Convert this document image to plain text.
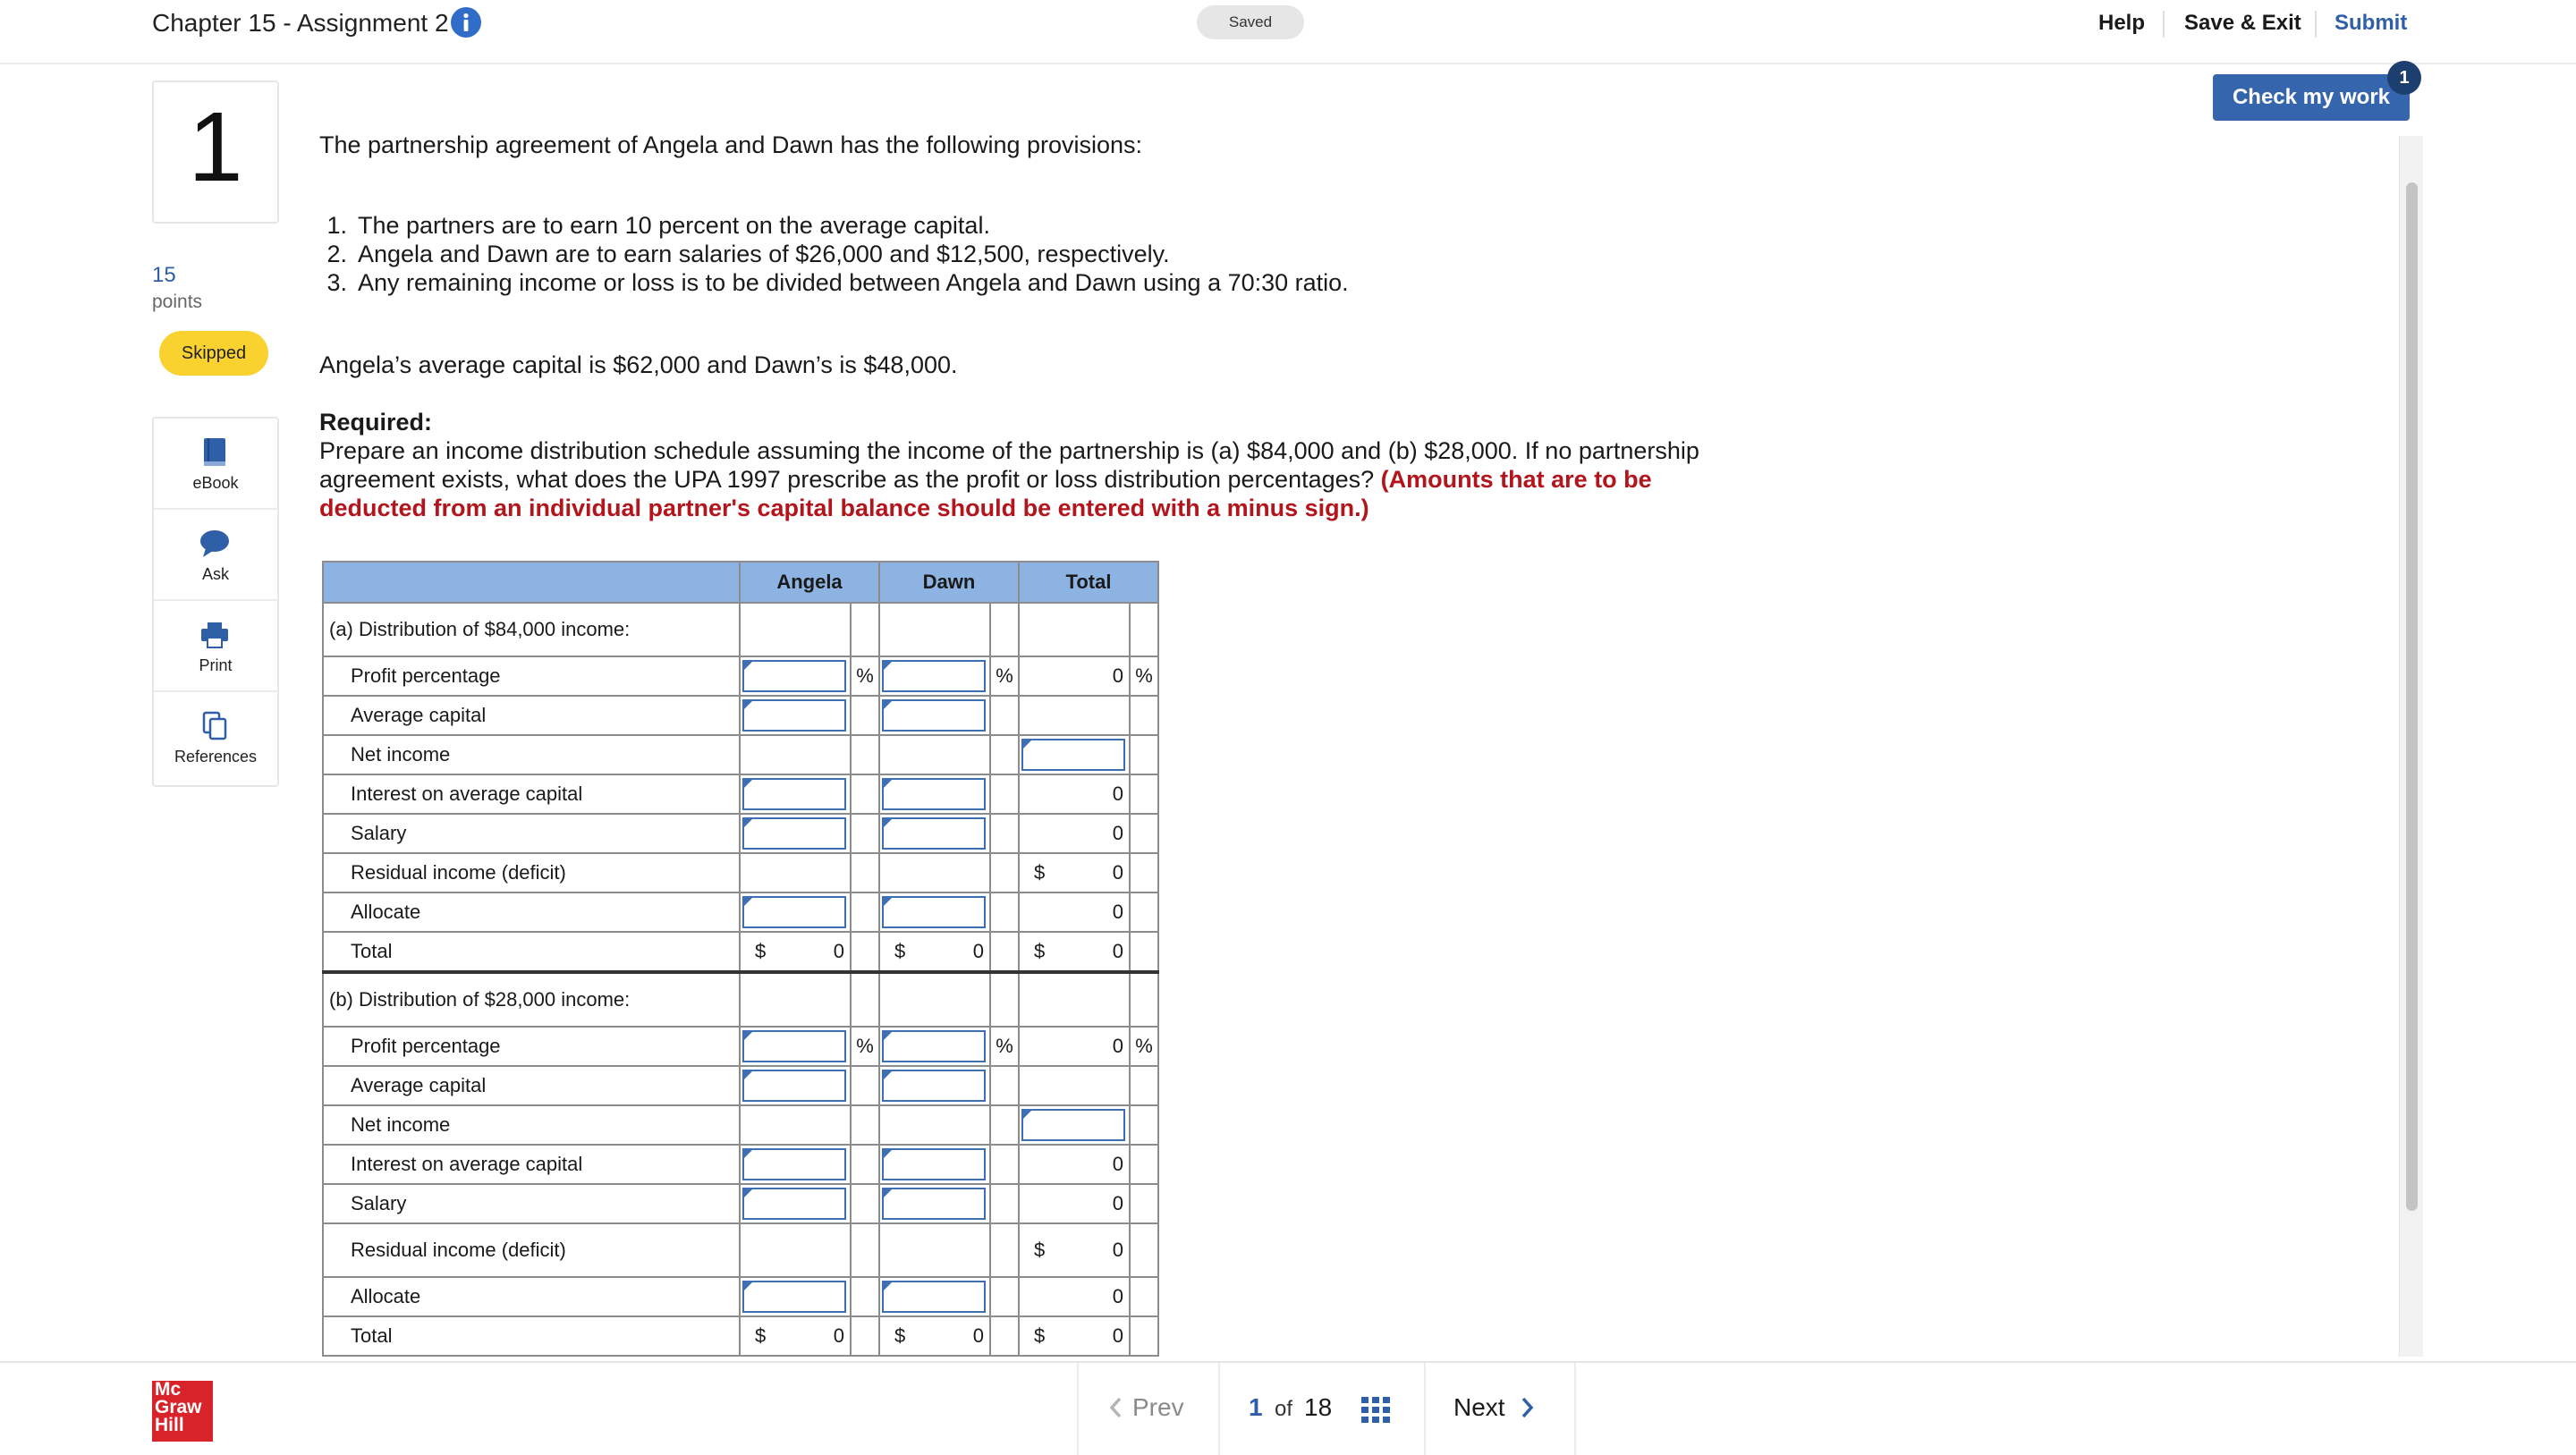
Chapter 15 - Assignment 2	Saved	Help Save & Exit Submit
1
15
points
Skipped
eBook
Ask
Print
References
Check my work
1
The partnership agreement of Angela and Dawn has the following provisions:
1. The partners are to earn 10 percent on the average capital.
2. Angela and Dawn are to earn salaries of $26,000 and $12,500, respectively.
3. Any remaining income or loss is to be divided between Angela and Dawn using a 70:30 ratio.
Angela’s average capital is $62,000 and Dawn’s is $48,000.
Required:
Prepare an income distribution schedule assuming the income of the partnership is (a) $84,000 and (b) $28,000. If no partnership
agreement exists, what does the UPA 1997 prescribe as the profit or loss distribution percentages? (Amounts that are to be
deducted from an individual partner's capital balance should be entered with a minus sign.)
	Angela		Dawn		Total	
(a) Distribution of $84,000 income:						
Profit percentage		%		%	0	%
Average capital	

Net income					

Interest on average capital					0	
Salary					0	
Residual income (deficit)					$ 0	
Allocate					0	
Total	$ 0		$ 0		$ 0	
(b) Distribution of $28,000 income:						
Profit percentage		%		%	0	%
Average capital	

Net income					

Interest on average capital					0	
Salary					0	
Residual income (deficit)					$ 0	
Allocate					0	
Total	$ 0		$ 0		$ 0	
Mc
Graw
Hill
Prev	1 of 18	Next
